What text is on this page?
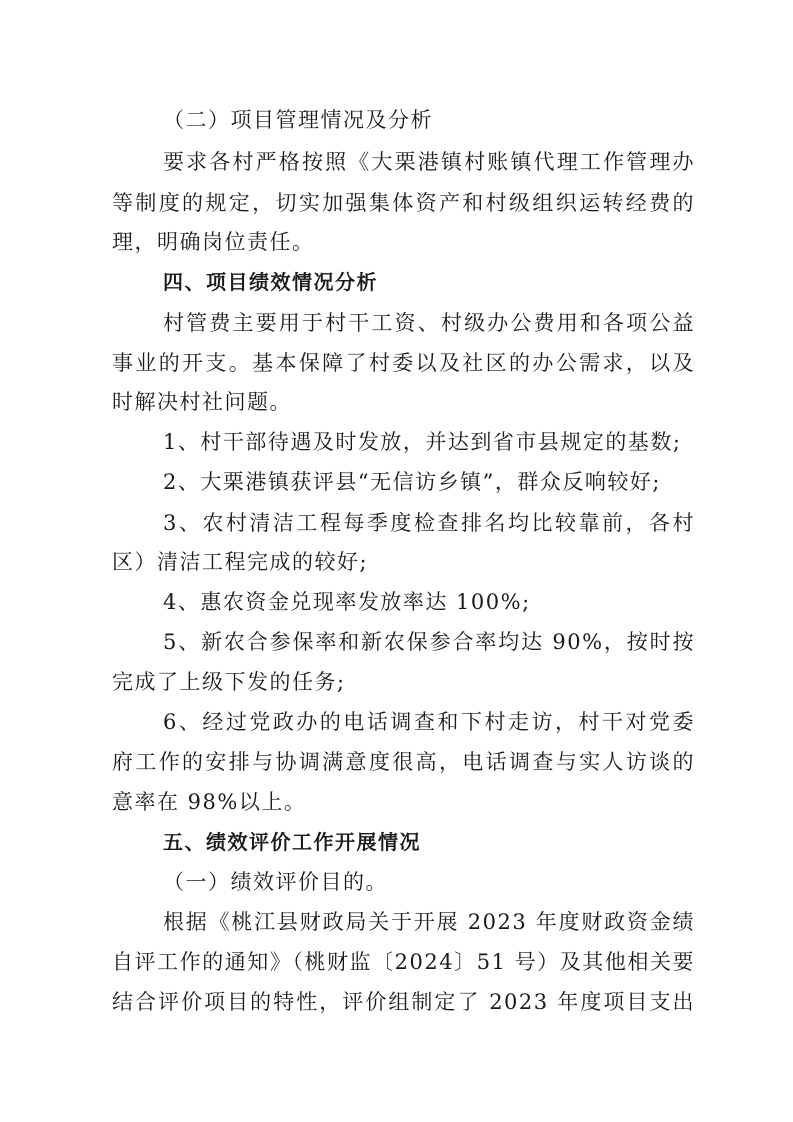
（二）项目管理情况及分析
要求各村严格按照《大栗港镇村账镇代理工作管理办
等制度的规定，切实加强集体资产和村级组织运转经费的
理，明确岗位责任。
四、项目绩效情况分析
村管费主要用于村干工资、村级办公费用和各项公益
事业的开支。基本保障了村委以及社区的办公需求，以及
时解决村社问题。
1、村干部待遇及时发放，并达到省市县规定的基数;
2、大栗港镇获评县“无信访乡镇”，群众反响较好;
3、农村清洁工程每季度检查排名均比较靠前，各村
区）清洁工程完成的较好;
4、惠农资金兑现率发放率达 100%;
5、新农合参保率和新农保参合率均达 90%，按时按
完成了上级下发的任务;
6、经过党政办的电话调查和下村走访，村干对党委
府工作的安排与协调满意度很高，电话调查与实人访谈的
意率在 98%以上。
五、绩效评价工作开展情况
（一）绩效评价目的。
根据《桃江县财政局关于开展 2023 年度财政资金绩
自评工作的通知》（桃财监〔2024〕51 号）及其他相关要
结合评价项目的特性，评价组制定了 2023 年度项目支出
